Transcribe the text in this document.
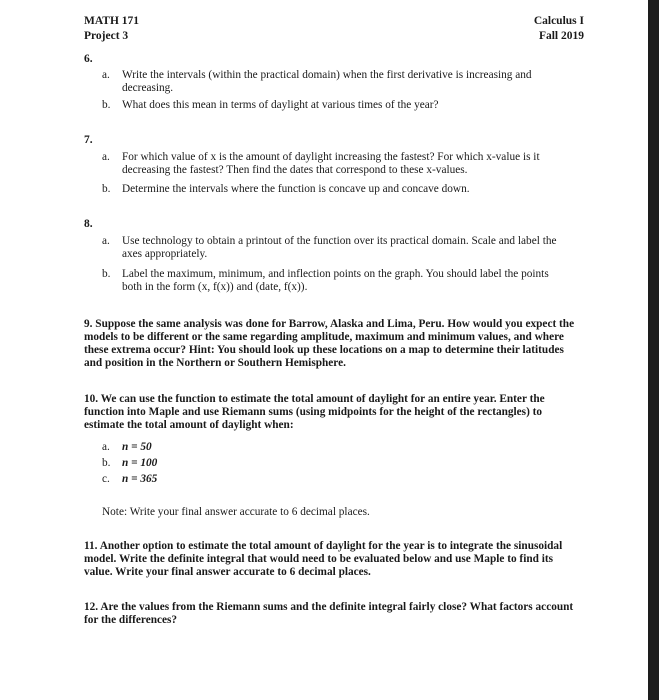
MATH 171
Project 3
Calculus I
Fall 2019
6.
a. Write the intervals (within the practical domain) when the first derivative is increasing and decreasing.
b. What does this mean in terms of daylight at various times of the year?
7.
a. For which value of x is the amount of daylight increasing the fastest? For which x-value is it decreasing the fastest? Then find the dates that correspond to these x-values.
b. Determine the intervals where the function is concave up and concave down.
8.
a. Use technology to obtain a printout of the function over its practical domain. Scale and label the axes appropriately.
b. Label the maximum, minimum, and inflection points on the graph. You should label the points both in the form (x, f(x)) and (date, f(x)).
9. Suppose the same analysis was done for Barrow, Alaska and Lima, Peru. How would you expect the models to be different or the same regarding amplitude, maximum and minimum values, and where these extrema occur? Hint: You should look up these locations on a map to determine their latitudes and position in the Northern or Southern Hemisphere.
10. We can use the function to estimate the total amount of daylight for an entire year. Enter the function into Maple and use Riemann sums (using midpoints for the height of the rectangles) to estimate the total amount of daylight when:
a. n = 50
b. n = 100
c. n = 365
Note: Write your final answer accurate to 6 decimal places.
11. Another option to estimate the total amount of daylight for the year is to integrate the sinusoidal model. Write the definite integral that would need to be evaluated below and use Maple to find its value. Write your final answer accurate to 6 decimal places.
12. Are the values from the Riemann sums and the definite integral fairly close? What factors account for the differences?
